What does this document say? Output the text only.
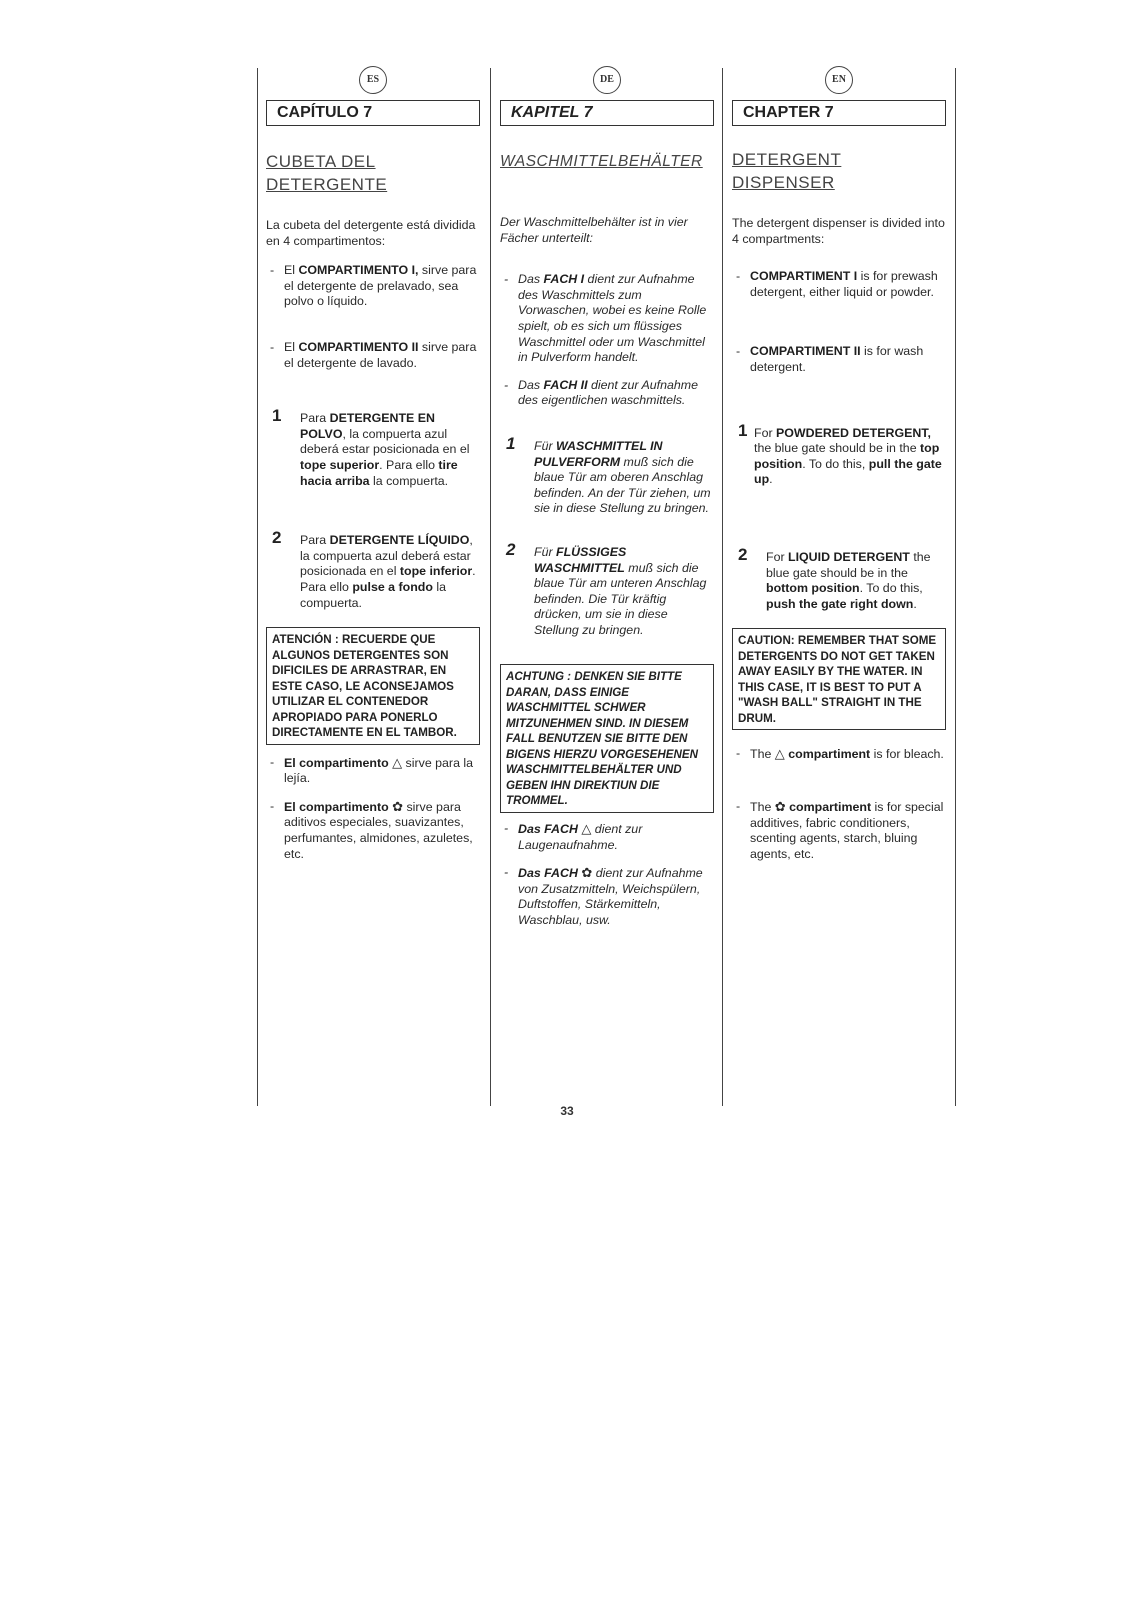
ES
CAPÍTULO 7
CUBETA DEL
DETERGENTE
La cubeta del detergente está dividida en 4 compartimentos:
- El COMPARTIMENTO I, sirve para el detergente de prelavado, sea polvo o líquido.
- El COMPARTIMENTO II sirve para el detergente de lavado.
1 Para DETERGENTE EN POLVO, la compuerta azul deberá estar posicionada en el tope superior. Para ello tire hacia arriba la compuerta.
2 Para DETERGENTE LÍQUIDO, la compuerta azul deberá estar posicionada en el tope inferior. Para ello pulse a fondo la compuerta.
ATENCIÓN : RECUERDE QUE ALGUNOS DETERGENTES SON DIFICILES DE ARRASTRAR, EN ESTE CASO, LE ACONSEJAMOS UTILIZAR EL CONTENEDOR APROPIADO PARA PONERLO DIRECTAMENTE EN EL TAMBOR.
- El compartimento △ sirve para la lejía.
- El compartimento ✿ sirve para aditivos especiales, suavizantes, perfumantes, almidones, azuletes, etc.
DE
KAPITEL 7
WASCHMITTELBEHÄLTER
Der Waschmittelbehälter ist in vier Fächer unterteilt:
- Das FACH I dient zur Aufnahme des Waschmittels zum Vorwaschen, wobei es keine Rolle spielt, ob es sich um flüssiges Waschmittel oder um Waschmittel in Pulverform handelt.
- Das FACH II dient zur Aufnahme des eigentlichen waschmittels.
1 Für WASCHMITTEL IN PULVERFORM muß sich die blaue Tür am oberen Anschlag befinden. An der Tür ziehen, um sie in diese Stellung zu bringen.
2 Für FLÜSSIGES WASCHMITTEL muß sich die blaue Tür am unteren Anschlag befinden. Die Tür kräftig drücken, um sie in diese Stellung zu bringen.
ACHTUNG : DENKEN SIE BITTE DARAN, DASS EINIGE WASCHMITTEL SCHWER MITZUNEHMEN SIND. IN DIESEM FALL BENUTZEN SIE BITTE DEN BIGENS HIERZU VORGESEHENEN WASCHMITTELBEHÄLTER UND GEBEN IHN DIREKTIUN DIE TROMMEL.
- Das FACH △ dient zur Laugenaufnahme.
- Das FACH ✿ dient zur Aufnahme von Zusatzmitteln, Weichspülern, Duftstoffen, Stärkemitteln, Waschblau, usw.
EN
CHAPTER 7
DETERGENT
DISPENSER
The detergent dispenser is divided into 4 compartments:
- COMPARTIMENT I is for prewash detergent, either liquid or powder.
- COMPARTIMENT II is for wash detergent.
1 For POWDERED DETERGENT, the blue gate should be in the top position. To do this, pull the gate up.
2 For LIQUID DETERGENT the blue gate should be in the bottom position. To do this, push the gate right down.
CAUTION: REMEMBER THAT SOME DETERGENTS DO NOT GET TAKEN AWAY EASILY BY THE WATER. IN THIS CASE, IT IS BEST TO PUT A "WASH BALL" STRAIGHT IN THE DRUM.
- The △ compartiment is for bleach.
- The ✿ compartiment is for special additives, fabric conditioners, scenting agents, starch, bluing agents, etc.
33
